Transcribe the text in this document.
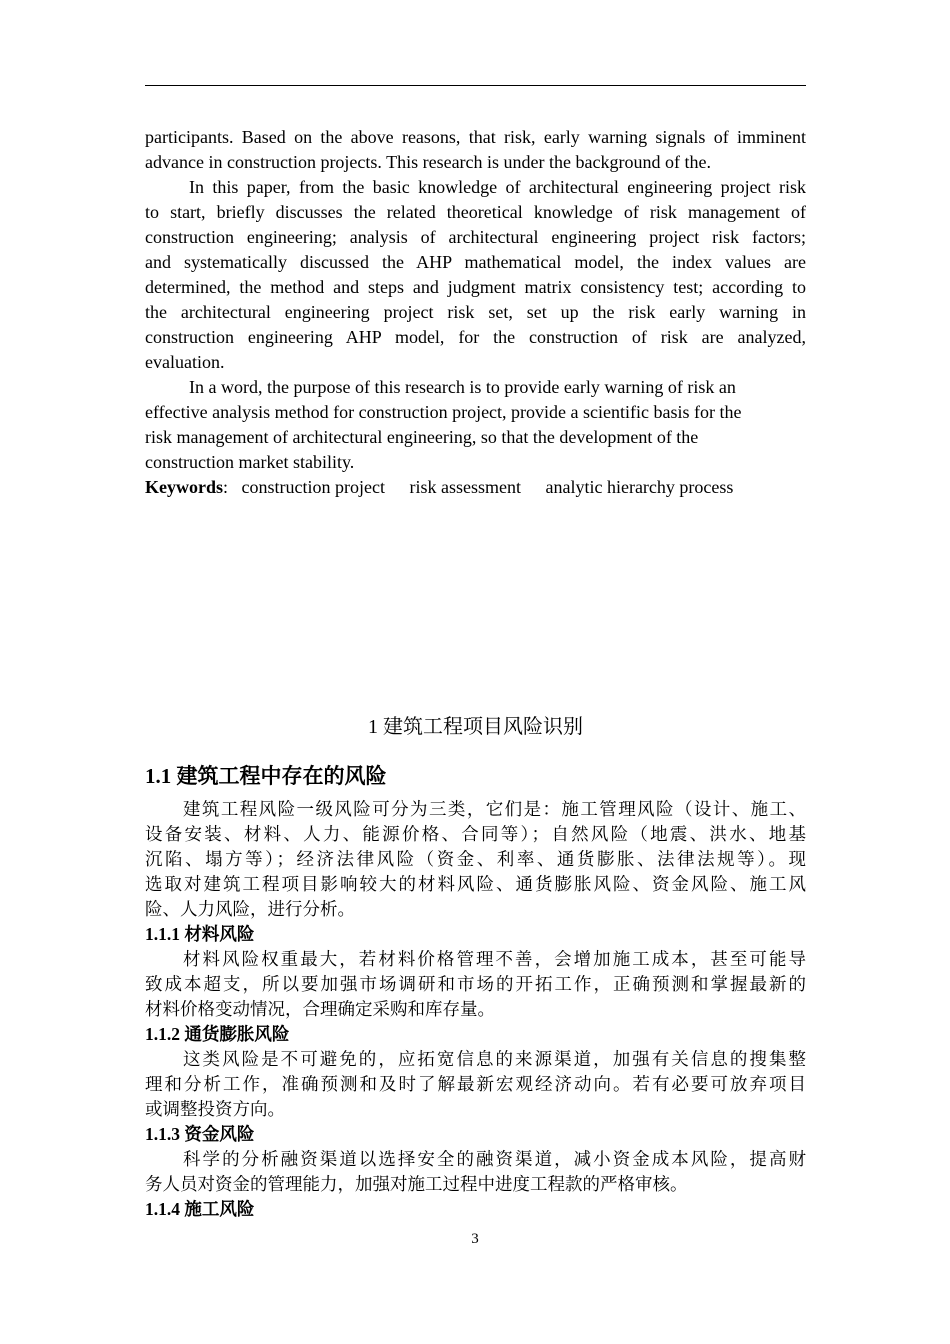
participants. Based on the above reasons, that risk, early warning signals of imminent
advance in construction projects. This research is under the background of the.
In this paper, from the basic knowledge of architectural engineering project risk
to start, briefly discusses the related theoretical knowledge of risk management of
construction engineering; analysis of architectural engineering project risk factors;
and systematically discussed the AHP mathematical model, the index values are
determined, the method and steps and judgment matrix consistency test; according to
the architectural engineering project risk set, set up the risk early warning in
construction engineering AHP model, for the construction of risk are analyzed,
evaluation.
In a word, the purpose of this research is to provide early warning of risk an
effective analysis method for construction project, provide a scientific basis for the
risk management of architectural engineering, so that the development of the
construction market stability.
Keywords:   construction project risk assessment analytic hierarchy process
1 建筑工程项目风险识别
1.1 建筑工程中存在的风险
建筑工程风险一级风险可分为三类，它们是：施工管理风险（设计、施工、
设备安装、材料、人力、能源价格、合同等）；自然风险（地震、洪水、地基
沉陷、塌方等）；经济法律风险（资金、利率、通货膨胀、法律法规等）。现
选取对建筑工程项目影响较大的材料风险、通货膨胀风险、资金风险、施工风
险、人力风险，进行分析。
1.1.1 材料风险
材料风险权重最大，若材料价格管理不善，会增加施工成本，甚至可能导
致成本超支，所以要加强市场调研和市场的开拓工作，正确预测和掌握最新的
材料价格变动情况，合理确定采购和库存量。
1.1.2 通货膨胀风险
这类风险是不可避免的，应拓宽信息的来源渠道，加强有关信息的搜集整
理和分析工作，准确预测和及时了解最新宏观经济动向。若有必要可放弃项目
或调整投资方向。
1.1.3 资金风险
科学的分析融资渠道以选择安全的融资渠道，减小资金成本风险，提高财
务人员对资金的管理能力，加强对施工过程中进度工程款的严格审核。
1.1.4 施工风险
3
